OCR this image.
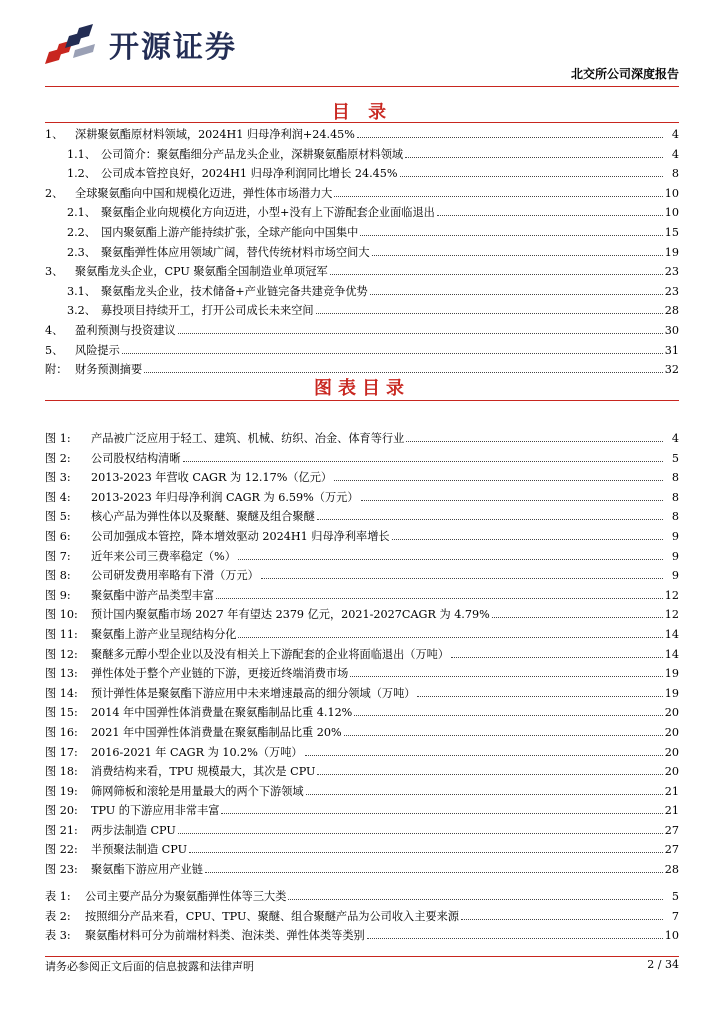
开源证券
北交所公司深度报告
目 录
1、	深耕聚氨酯原材料领域，2024H1 归母净利润+24.45%	4
1.1、 公司简介：聚氨酯细分产品龙头企业，深耕聚氨酯原材料领域	4
1.2、 公司成本管控良好，2024H1 归母净利润同比增长 24.45%	8
2、	全球聚氨酯向中国和规模化迈进，弹性体市场潜力大	10
2.1、 聚氨酯企业向规模化方向迈进，小型+没有上下游配套企业面临退出	10
2.2、 国内聚氨酯上游产能持续扩张，全球产能向中国集中	15
2.3、 聚氨酯弹性体应用领域广阔，替代传统材料市场空间大	19
3、	聚氨酯龙头企业，CPU 聚氨酯全国制造业单项冠军	23
3.1、 聚氨酯龙头企业，技术储备+产业链完备共建竞争优势	23
3.2、 募投项目持续开工，打开公司成长未来空间	28
4、	盈利预测与投资建议	30
5、	风险提示	31
附： 财务预测摘要	32
图表目录
图 1:	产品被广泛应用于轻工、建筑、机械、纺织、冶金、体育等行业	4
图 2:	公司股权结构清晰	5
图 3:	2013-2023 年营收 CAGR 为 12.17%（亿元）	8
图 4:	2013-2023 年归母净利润 CAGR 为 6.59%（万元）	8
图 5:	核心产品为弹性体以及聚醚、聚醚及组合聚醚	8
图 6:	公司加强成本管控，降本增效驱动 2024H1 归母净利率增长	9
图 7:	近年来公司三费率稳定（%）	9
图 8:	公司研发费用率略有下滑（万元）	9
图 9:	聚氨酯中游产品类型丰富	12
图 10:	预计国内聚氨酯市场 2027 年有望达 2379 亿元，2021-2027CAGR 为 4.79%	12
图 11:	聚氨酯上游产业呈现结构分化	14
图 12:	聚醚多元醇小型企业以及没有相关上下游配套的企业将面临退出（万吨）	14
图 13:	弹性体处于整个产业链的下游，更接近终端消费市场	19
图 14:	预计弹性体是聚氨酯下游应用中未来增速最高的细分领域（万吨）	19
图 15:	2014 年中国弹性体消费量在聚氨酯制品比重 4.12%	20
图 16:	2021 年中国弹性体消费量在聚氨酯制品比重 20%	20
图 17:	2016-2021 年 CAGR 为 10.2%（万吨）	20
图 18:	消费结构来看，TPU 规模最大，其次是 CPU	20
图 19:	筛网筛板和滚轮是用量最大的两个下游领域	21
图 20:	TPU 的下游应用非常丰富	21
图 21:	两步法制造 CPU	27
图 22:	半预聚法制造 CPU	27
图 23:	聚氨酯下游应用产业链	28
表 1:	公司主要产品分为聚氨酯弹性体等三大类	5
表 2:	按照细分产品来看，CPU、TPU、聚醚、组合聚醚产品为公司收入主要来源	7
表 3:	聚氨酯材料可分为前端材料类、泡沫类、弹性体类等类别	10
请务必参阅正文后面的信息披露和法律声明	2 / 34
